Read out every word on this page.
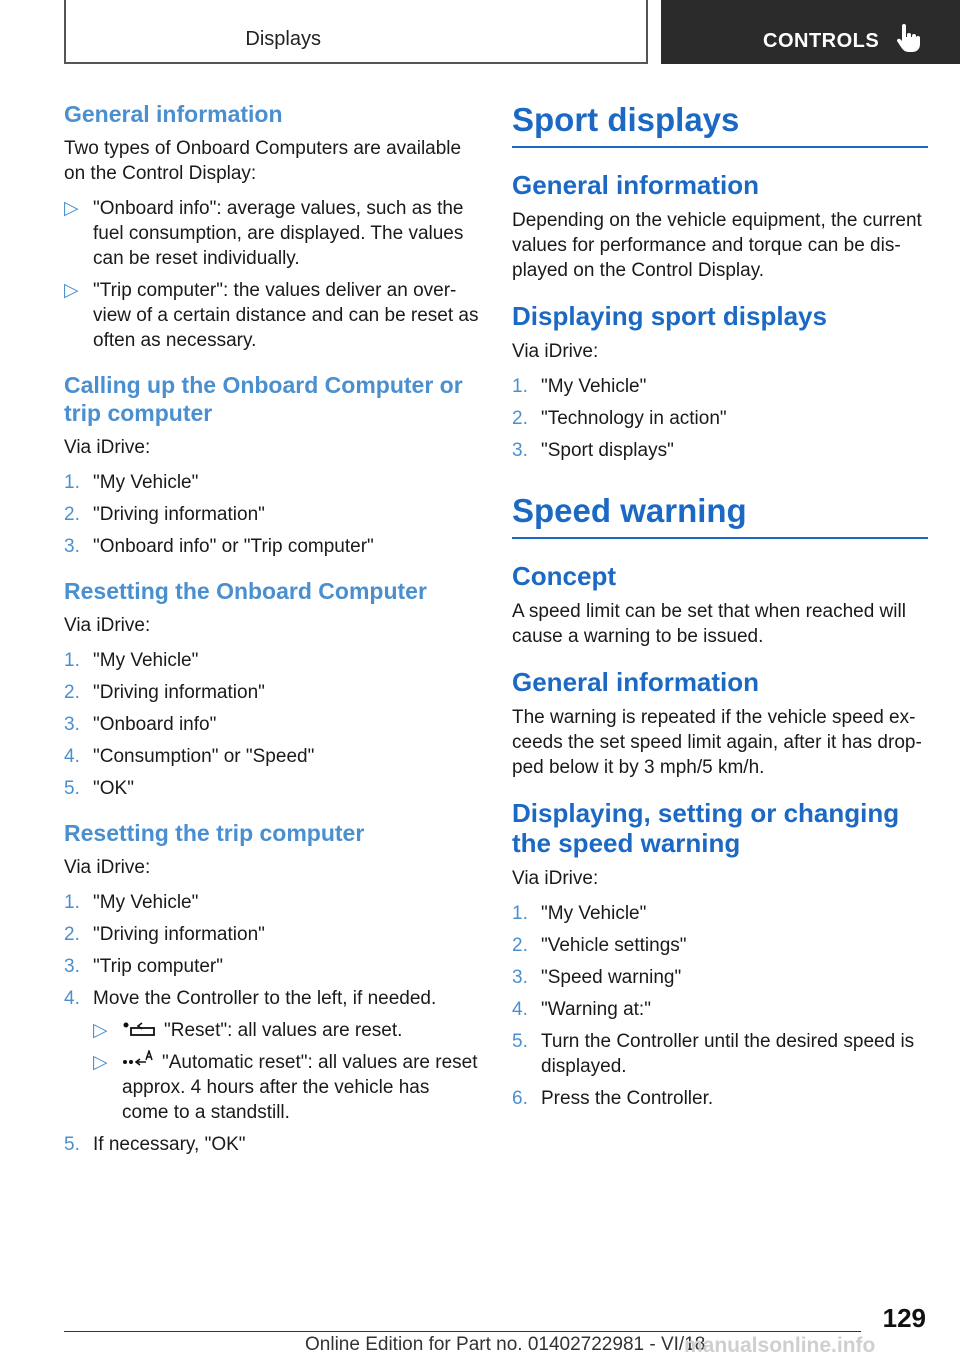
Displays	CONTROLS
General information

Two types of Onboard Computers are available on the Control Display:

▷ "Onboard info": average values, such as the fuel consumption, are displayed. The values can be reset individually.
▷ "Trip computer": the values deliver an over‐view of a certain distance and can be reset as often as necessary.
Calling up the Onboard Computer or trip computer

Via iDrive:

1. "My Vehicle"
2. "Driving information"
3. "Onboard info" or "Trip computer"
Resetting the Onboard Computer

Via iDrive:

1. "My Vehicle"
2. "Driving information"
3. "Onboard info"
4. "Consumption" or "Speed"
5. "OK"
Resetting the trip computer

Via iDrive:

1. "My Vehicle"
2. "Driving information"
3. "Trip computer"
4. Move the Controller to the left, if needed.
▷	"Reset": all values are reset.
▷	"Automatic reset": all values are reset approx. 4 hours after the vehicle has come to a standstill.
5. If necessary, "OK"
Sport displays
General information

Depending on the vehicle equipment, the current values for performance and torque can be dis‐played on the Control Display.

Displaying sport displays

Via iDrive:

1. "My Vehicle"
2. "Technology in action"
3. "Sport displays"
Speed warning
Concept

A speed limit can be set that when reached will cause a warning to be issued.

General information

The warning is repeated if the vehicle speed ex‐ceeds the set speed limit again, after it has drop‐ped below it by 3 mph/5 km/h.

Displaying, setting or changing the speed warning

Via iDrive:

1. "My Vehicle"
2. "Vehicle settings"
3. "Speed warning"
4. "Warning at:"
5. Turn the Controller until the desired speed is displayed.
6. Press the Controller.
129
Online Edition for Part no. 01402722981 - VI/18
manualsonline.info
